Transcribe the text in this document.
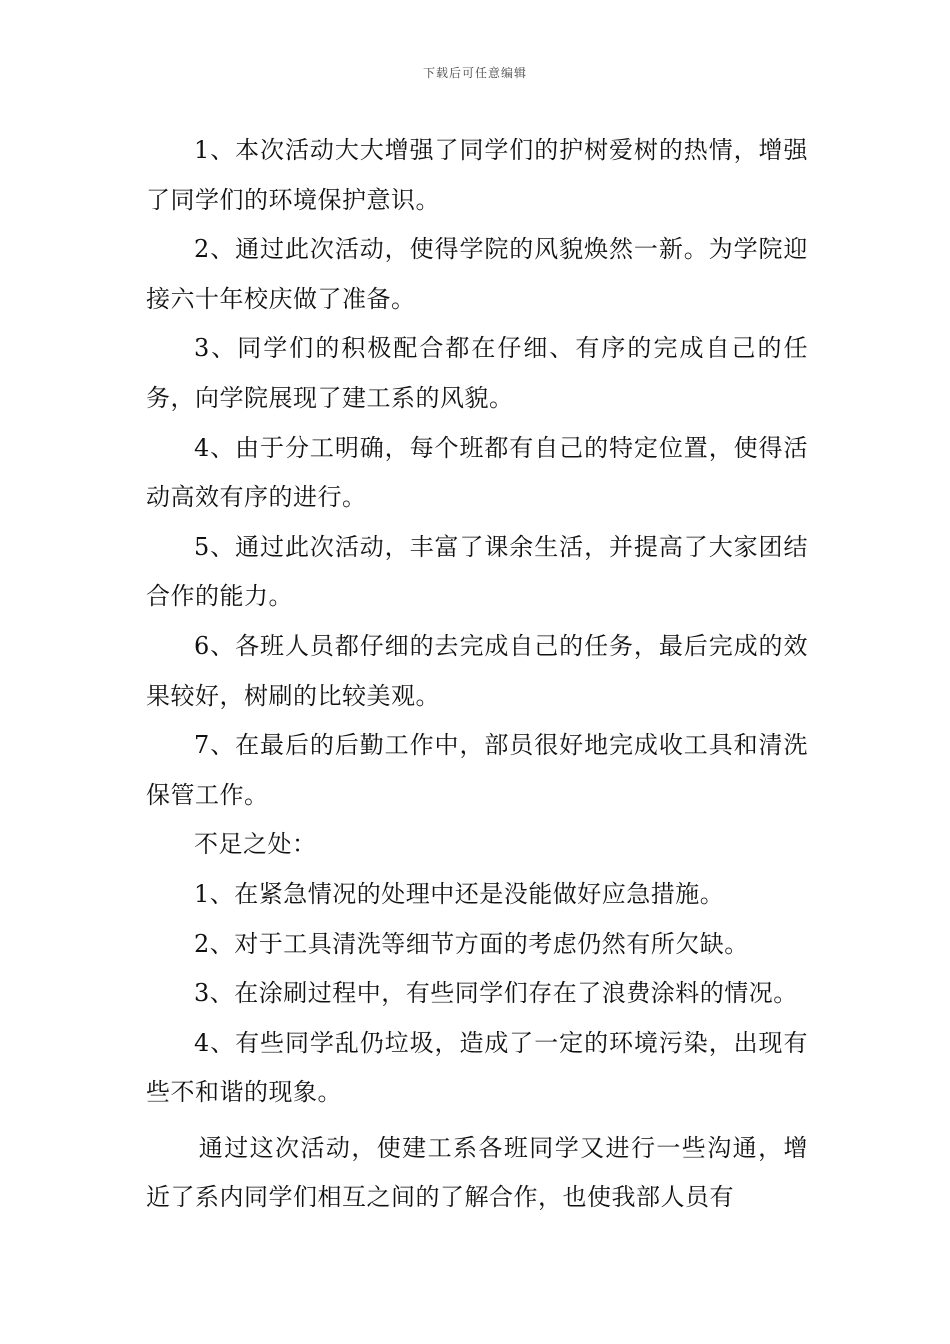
下载后可任意编辑

1、本次活动大大增强了同学们的护树爱树的热情，增强了同学们的环境保护意识。

2、通过此次活动，使得学院的风貌焕然一新。为学院迎接六十年校庆做了准备。

3、同学们的积极配合都在仔细、有序的完成自己的任务，向学院展现了建工系的风貌。

4、由于分工明确，每个班都有自己的特定位置，使得活动高效有序的进行。

5、通过此次活动，丰富了课余生活，并提高了大家团结合作的能力。

6、各班人员都仔细的去完成自己的任务，最后完成的效果较好，树刷的比较美观。

7、在最后的后勤工作中，部员很好地完成收工具和清洗保管工作。

不足之处：

1、在紧急情况的处理中还是没能做好应急措施。

2、对于工具清洗等细节方面的考虑仍然有所欠缺。

3、在涂刷过程中，有些同学们存在了浪费涂料的情况。

4、有些同学乱仍垃圾，造成了一定的环境污染，出现有些不和谐的现象。

通过这次活动，使建工系各班同学又进行一些沟通，增近了系内同学们相互之间的了解合作，也使我部人员有
